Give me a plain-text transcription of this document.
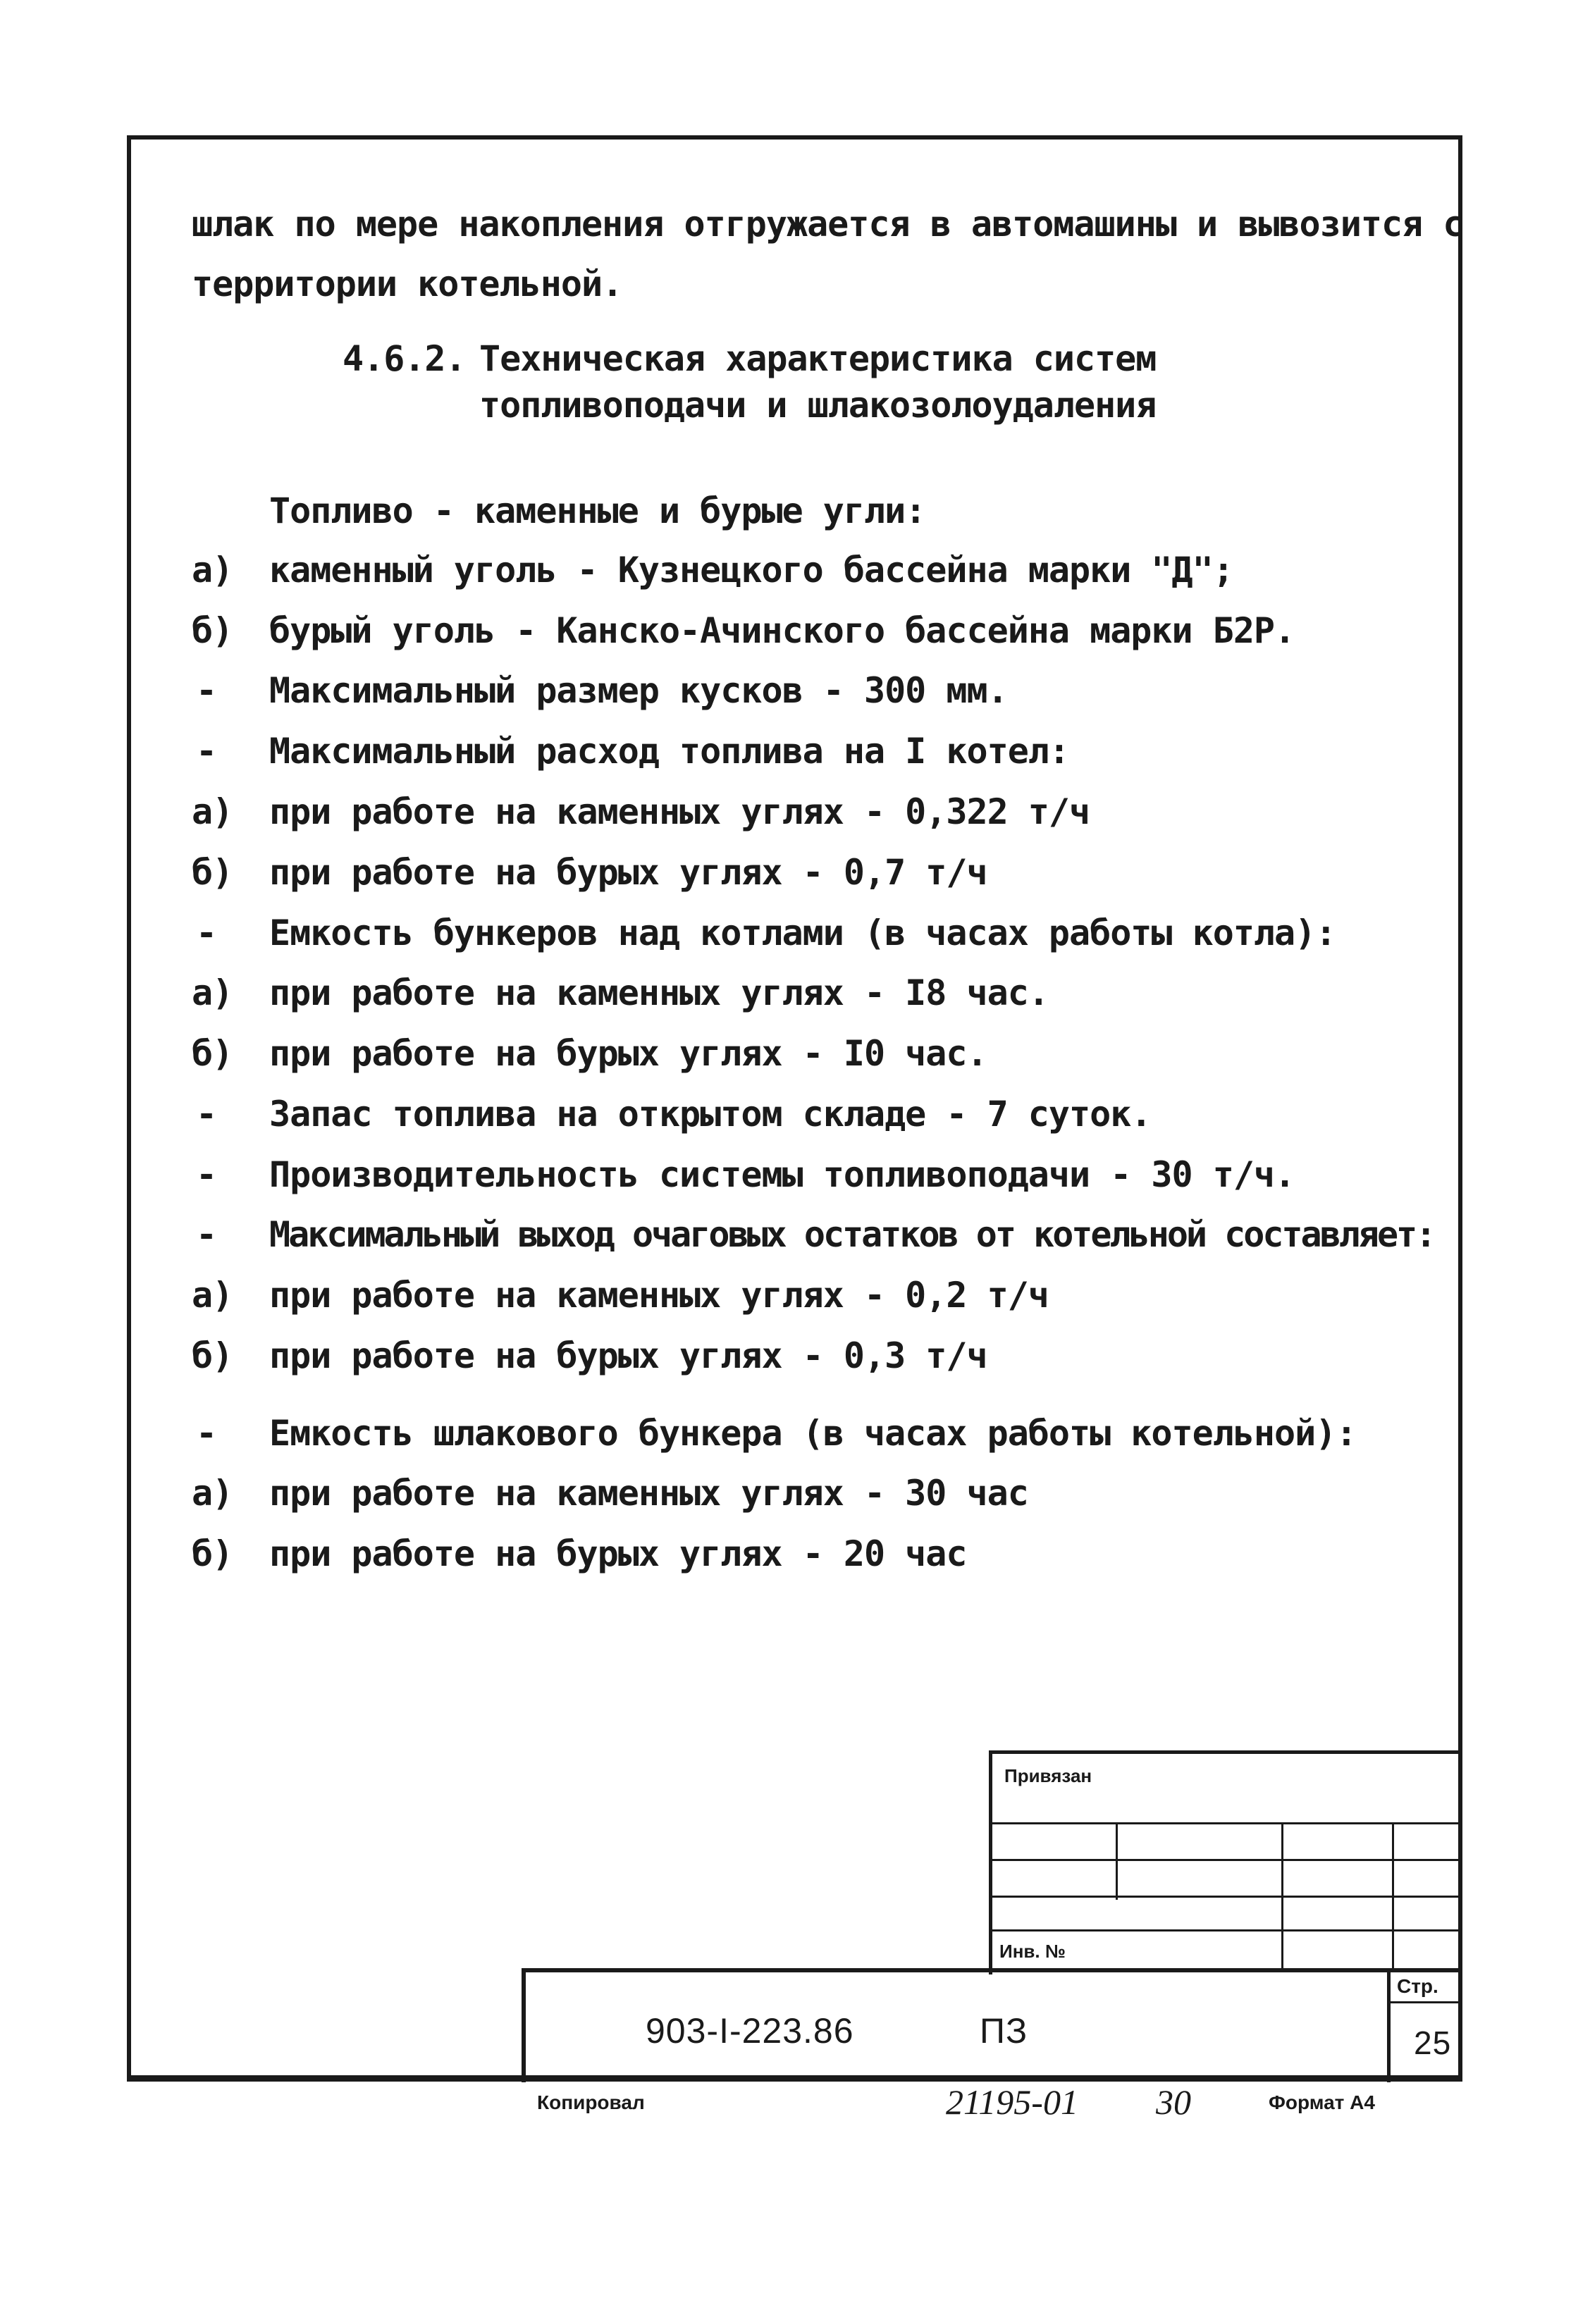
шлак по мере накопления отгружается в автомашины и вывозится с
территории котельной.
4.6.2. Техническая характеристика систем
топливоподачи и шлакозолоудаления
Топливо - каменные и бурые угли:
а) каменный уголь - Кузнецкого бассейна марки "Д";
б) бурый уголь - Канско-Ачинского бассейна марки Б2Р.
- Максимальный размер кусков - 300 мм.
- Максимальный расход топлива на I котел:
а) при работе на каменных углях - 0,322 т/ч
б) при работе на бурых углях - 0,7 т/ч
- Емкость бункеров над котлами (в часах работы котла):
а) при работе на каменных углях - I8 час.
б) при работе на бурых углях - I0 час.
- Запас топлива на открытом складе - 7 суток.
- Производительность системы топливоподачи - 30 т/ч.
- Максимальный выход очаговых остатков от котельной составляет:
а) при работе на каменных углях - 0,2 т/ч
б) при работе на бурых углях - 0,3 т/ч
- Емкость шлакового бункера (в часах работы котельной):
а) при работе на каменных углях - 30 час
б) при работе на бурых углях - 20 час
Привязан
Инв. №
Стр.
25
903-I-223.86	ПЗ
Копировал	21195-01 30	Формат А4
